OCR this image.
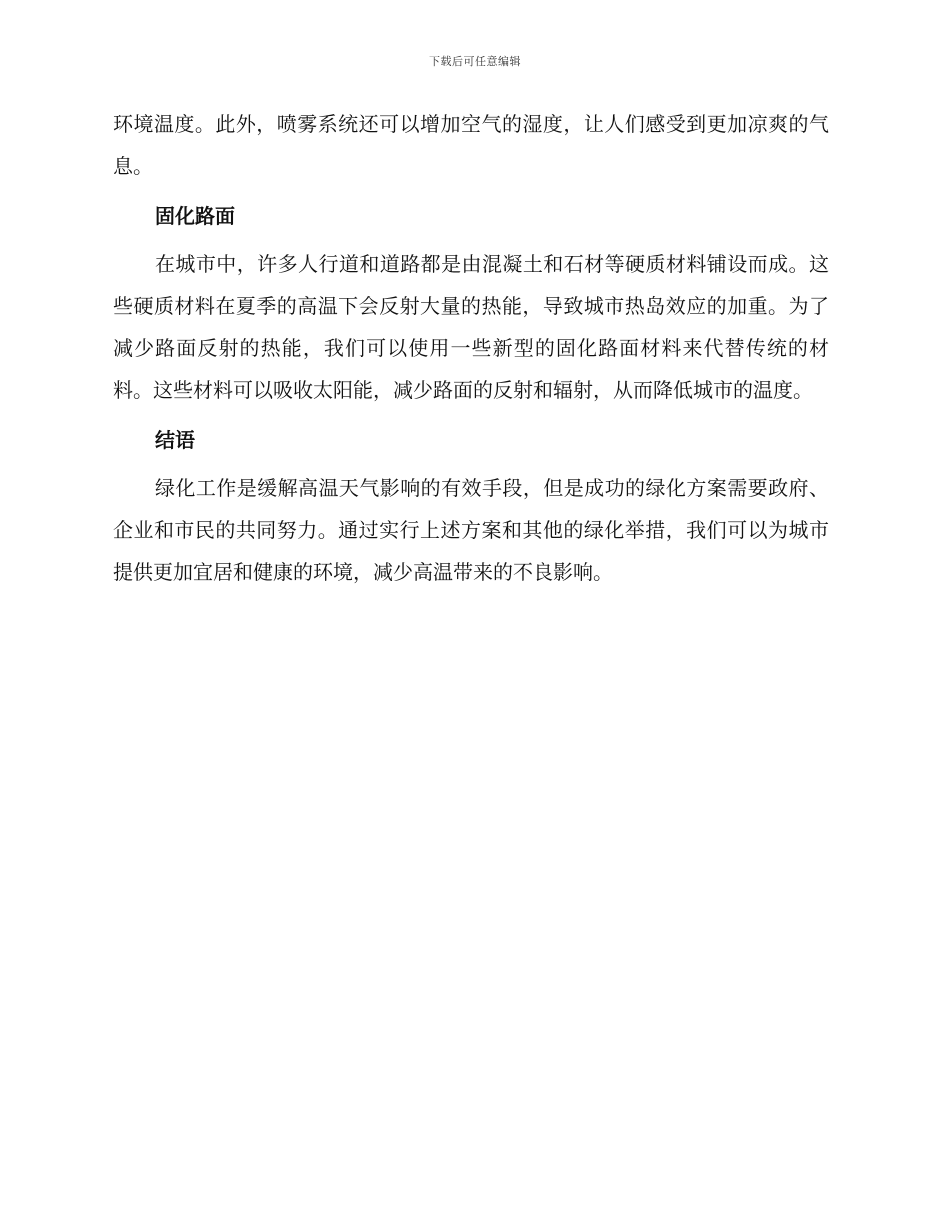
下载后可任意编辑

环境温度。此外，喷雾系统还可以增加空气的湿度，让人们感受到更加凉爽的气息。

固化路面

在城市中，许多人行道和道路都是由混凝土和石材等硬质材料铺设而成。这些硬质材料在夏季的高温下会反射大量的热能，导致城市热岛效应的加重。为了减少路面反射的热能，我们可以使用一些新型的固化路面材料来代替传统的材料。这些材料可以吸收太阳能，减少路面的反射和辐射，从而降低城市的温度。

结语

绿化工作是缓解高温天气影响的有效手段，但是成功的绿化方案需要政府、企业和市民的共同努力。通过实行上述方案和其他的绿化举措，我们可以为城市提供更加宜居和健康的环境，减少高温带来的不良影响。
